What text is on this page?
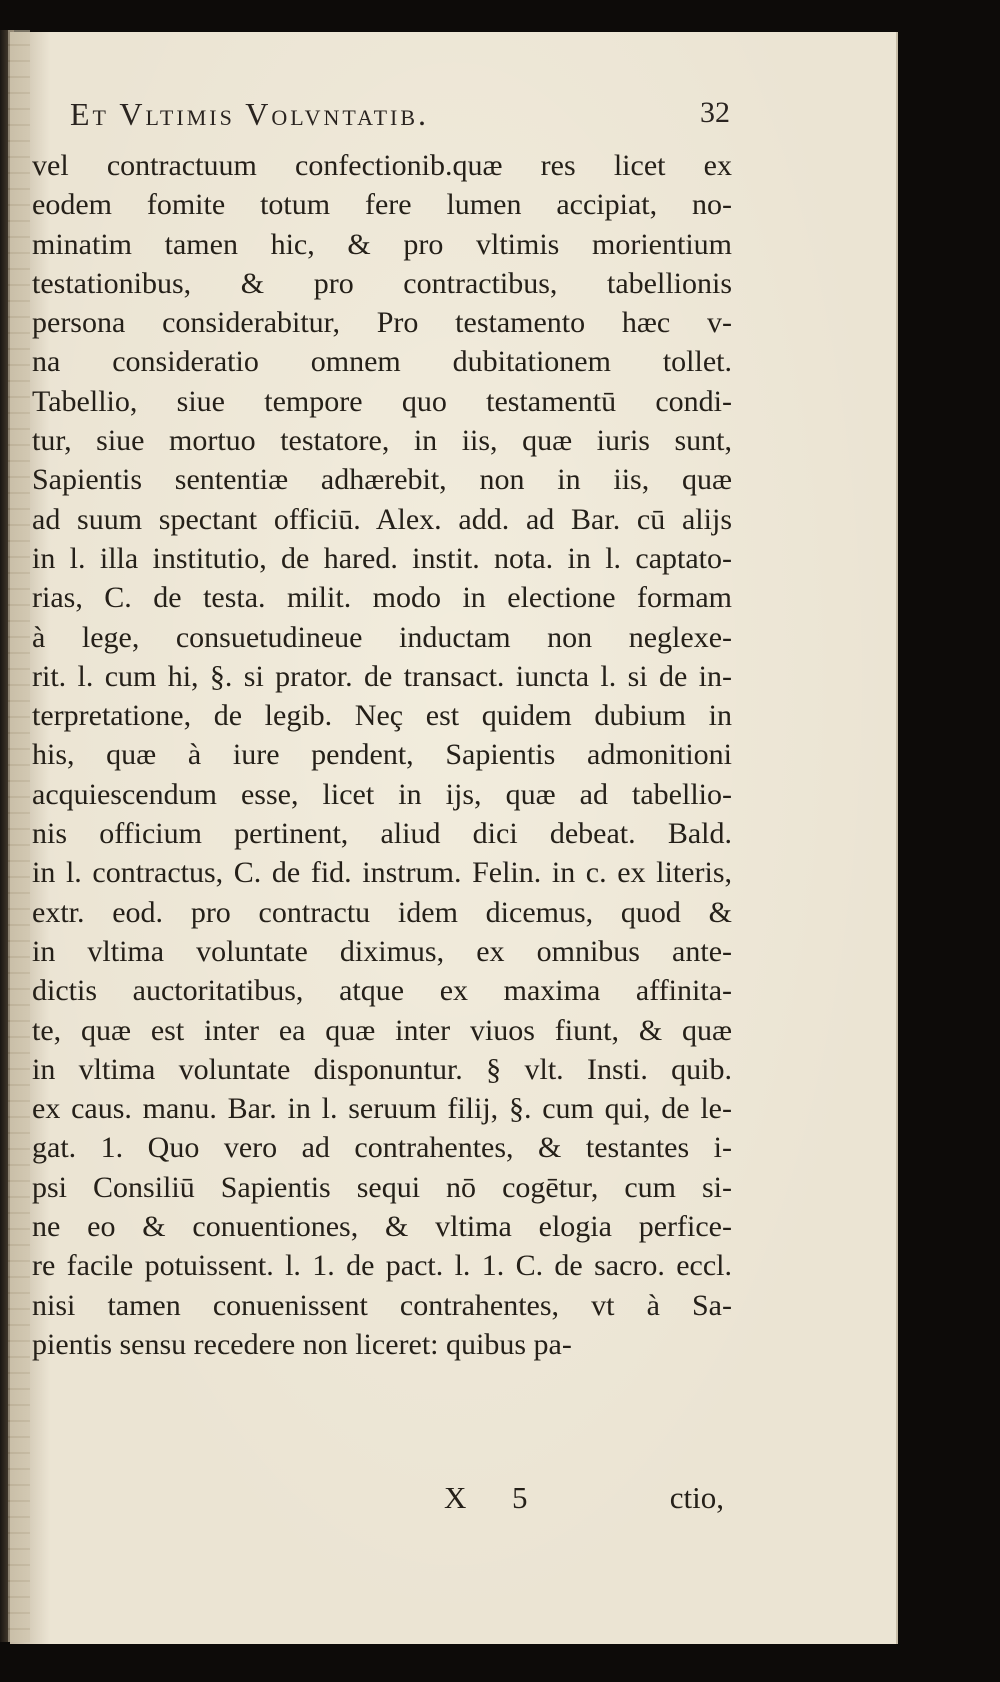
Et Vltimis Volvntatib.	32
vel contractuum confectionib.quæ res licet ex
eodem fomite totum fere lumen accipiat, no-
minatim tamen hic, & pro vltimis morientium
testationibus, & pro contractibus, tabellionis
persona considerabitur, Pro testamento hæc v-
na consideratio omnem dubitationem tollet.
Tabellio, siue tempore quo testamentū condi-
tur, siue mortuo testatore, in iis, quæ iuris sunt,
Sapientis sententiæ adhærebit, non in iis, quæ
ad suum spectant officiū. Alex. add. ad Bar. cū alijs
in l. illa institutio, de hared. instit. nota. in l. captato-
rias, C. de testa. milit. modo in electione formam
à lege, consuetudineue inductam non neglexe-
rit. l. cum hi, §. si prator. de transact. iuncta l. si de in-
terpretatione, de legib. Neç est quidem dubium in
his, quæ à iure pendent, Sapientis admonitioni
acquiescendum esse, licet in ijs, quæ ad tabellio-
nis officium pertinent, aliud dici debeat. Bald.
in l. contractus, C. de fid. instrum. Felin. in c. ex literis,
extr. eod. pro contractu idem dicemus, quod &
in vltima voluntate diximus, ex omnibus ante-
dictis auctoritatibus, atque ex maxima affinita-
te, quæ est inter ea quæ inter viuos fiunt, & quæ
in vltima voluntate disponuntur. § vlt. Insti. quib.
ex caus. manu. Bar. in l. seruum filij, §. cum qui, de le-
gat. 1. Quo vero ad contrahentes, & testantes i-
psi Consiliū Sapientis sequi nō cogētur, cum si-
ne eo & conuentiones, & vltima elogia perfice-
re facile potuissent. l. 1. de pact. l. 1. C. de sacro. eccl.
nisi tamen conuenissent contrahentes, vt à Sa-
pientis sensu recedere non liceret: quibus pa-
X 5	ctio,
